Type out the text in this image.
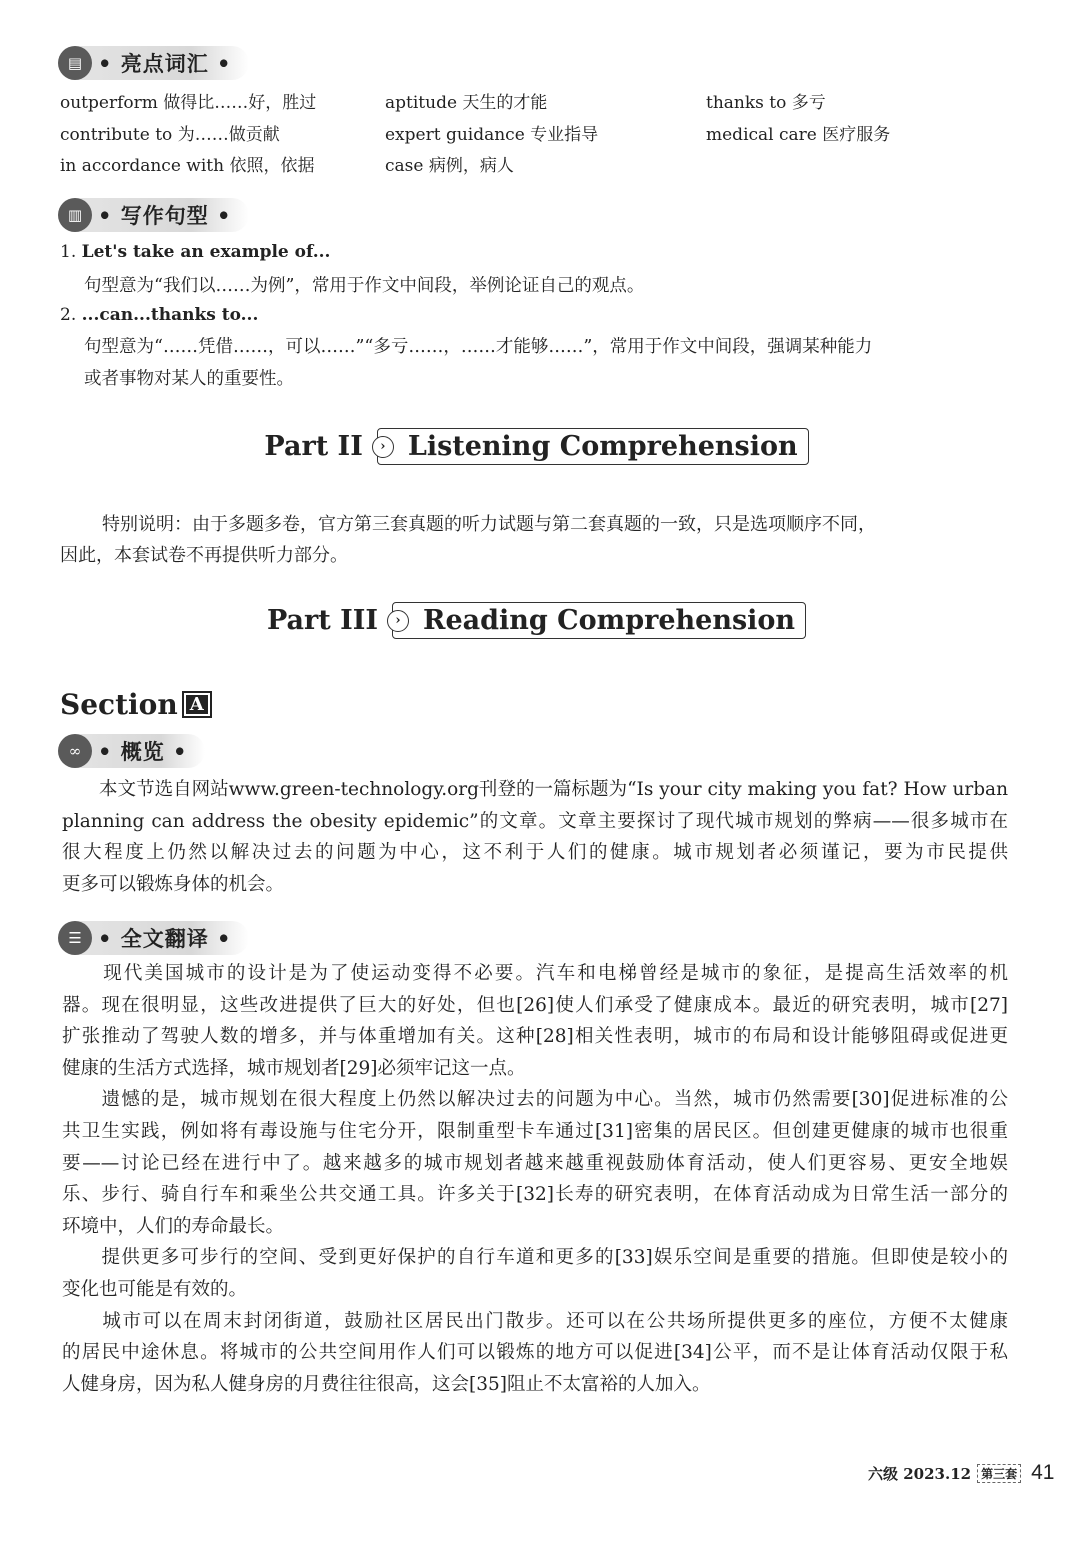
▤ • 亮点词汇 •
outperform 做得比……好，胜过
contribute to 为……做贡献
in accordance with 依照，依据
aptitude 天生的才能
expert guidance 专业指导
case 病例，病人
thanks to 多亏
medical care 医疗服务
▥ • 写作句型 •
1. Let's take an example of...
句型意为“我们以……为例”，常用于作文中间段，举例论证自己的观点。
2. ...can...thanks to...
句型意为“……凭借……，可以……”“多亏……，……才能够……”，常用于作文中间段，强调某种能力
或者事物对某人的重要性。
Part II	› Listening Comprehension
特别说明：由于多题多卷，官方第三套真题的听力试题与第二套真题的一致，只是选项顺序不同，
因此，本套试卷不再提供听力部分。
Part III	› Reading Comprehension
Section A
∞ • 概览 •
　　本文节选自网站www.green-technology.org刊登的一篇标题为“Is your city making you fat? How urban
planning can address the obesity epidemic”的文章。文章主要探讨了现代城市规划的弊病——很多城市在
很大程度上仍然以解决过去的问题为中心，这不利于人们的健康。城市规划者必须谨记，要为市民提供
更多可以锻炼身体的机会。
☰ • 全文翻译 •
　　现代美国城市的设计是为了使运动变得不必要。汽车和电梯曾经是城市的象征，是提高生活效率的机
器。现在很明显，这些改进提供了巨大的好处，但也[26]使人们承受了健康成本。最近的研究表明，城市[27]
扩张推动了驾驶人数的增多，并与体重增加有关。这种[28]相关性表明，城市的布局和设计能够阻碍或促进更
健康的生活方式选择，城市规划者[29]必须牢记这一点。
　　遗憾的是，城市规划在很大程度上仍然以解决过去的问题为中心。当然，城市仍然需要[30]促进标准的公
共卫生实践，例如将有毒设施与住宅分开，限制重型卡车通过[31]密集的居民区。但创建更健康的城市也很重
要——讨论已经在进行中了。越来越多的城市规划者越来越重视鼓励体育活动，使人们更容易、更安全地娱
乐、步行、骑自行车和乘坐公共交通工具。许多关于[32]长寿的研究表明，在体育活动成为日常生活一部分的
环境中，人们的寿命最长。
　　提供更多可步行的空间、受到更好保护的自行车道和更多的[33]娱乐空间是重要的措施。但即使是较小的
变化也可能是有效的。
　　城市可以在周末封闭街道，鼓励社区居民出门散步。还可以在公共场所提供更多的座位，方便不太健康
的居民中途休息。将城市的公共空间用作人们可以锻炼的地方可以促进[34]公平，而不是让体育活动仅限于私
人健身房，因为私人健身房的月费往往很高，这会[35]阻止不太富裕的人加入。
六级 2023.12 第三套 41
